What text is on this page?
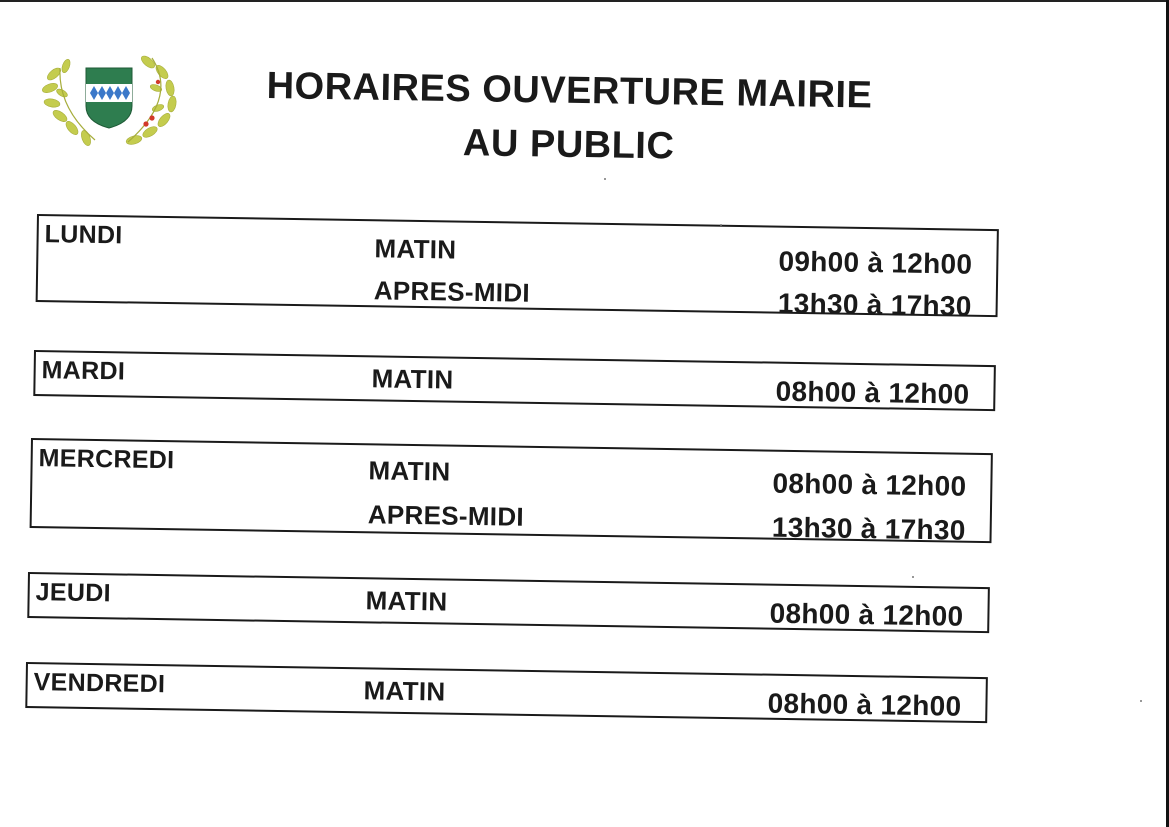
HORAIRES OUVERTURE MAIRIE
AU PUBLIC
LUNDI	MATIN	09h00 à 12h00
APRES-MIDI	13h30 à 17h30
MARDI	MATIN	08h00 à 12h00
MERCREDI	MATIN	08h00 à 12h00
APRES-MIDI	13h30 à 17h30
JEUDI	MATIN	08h00 à 12h00
VENDREDI	MATIN	08h00 à 12h00
